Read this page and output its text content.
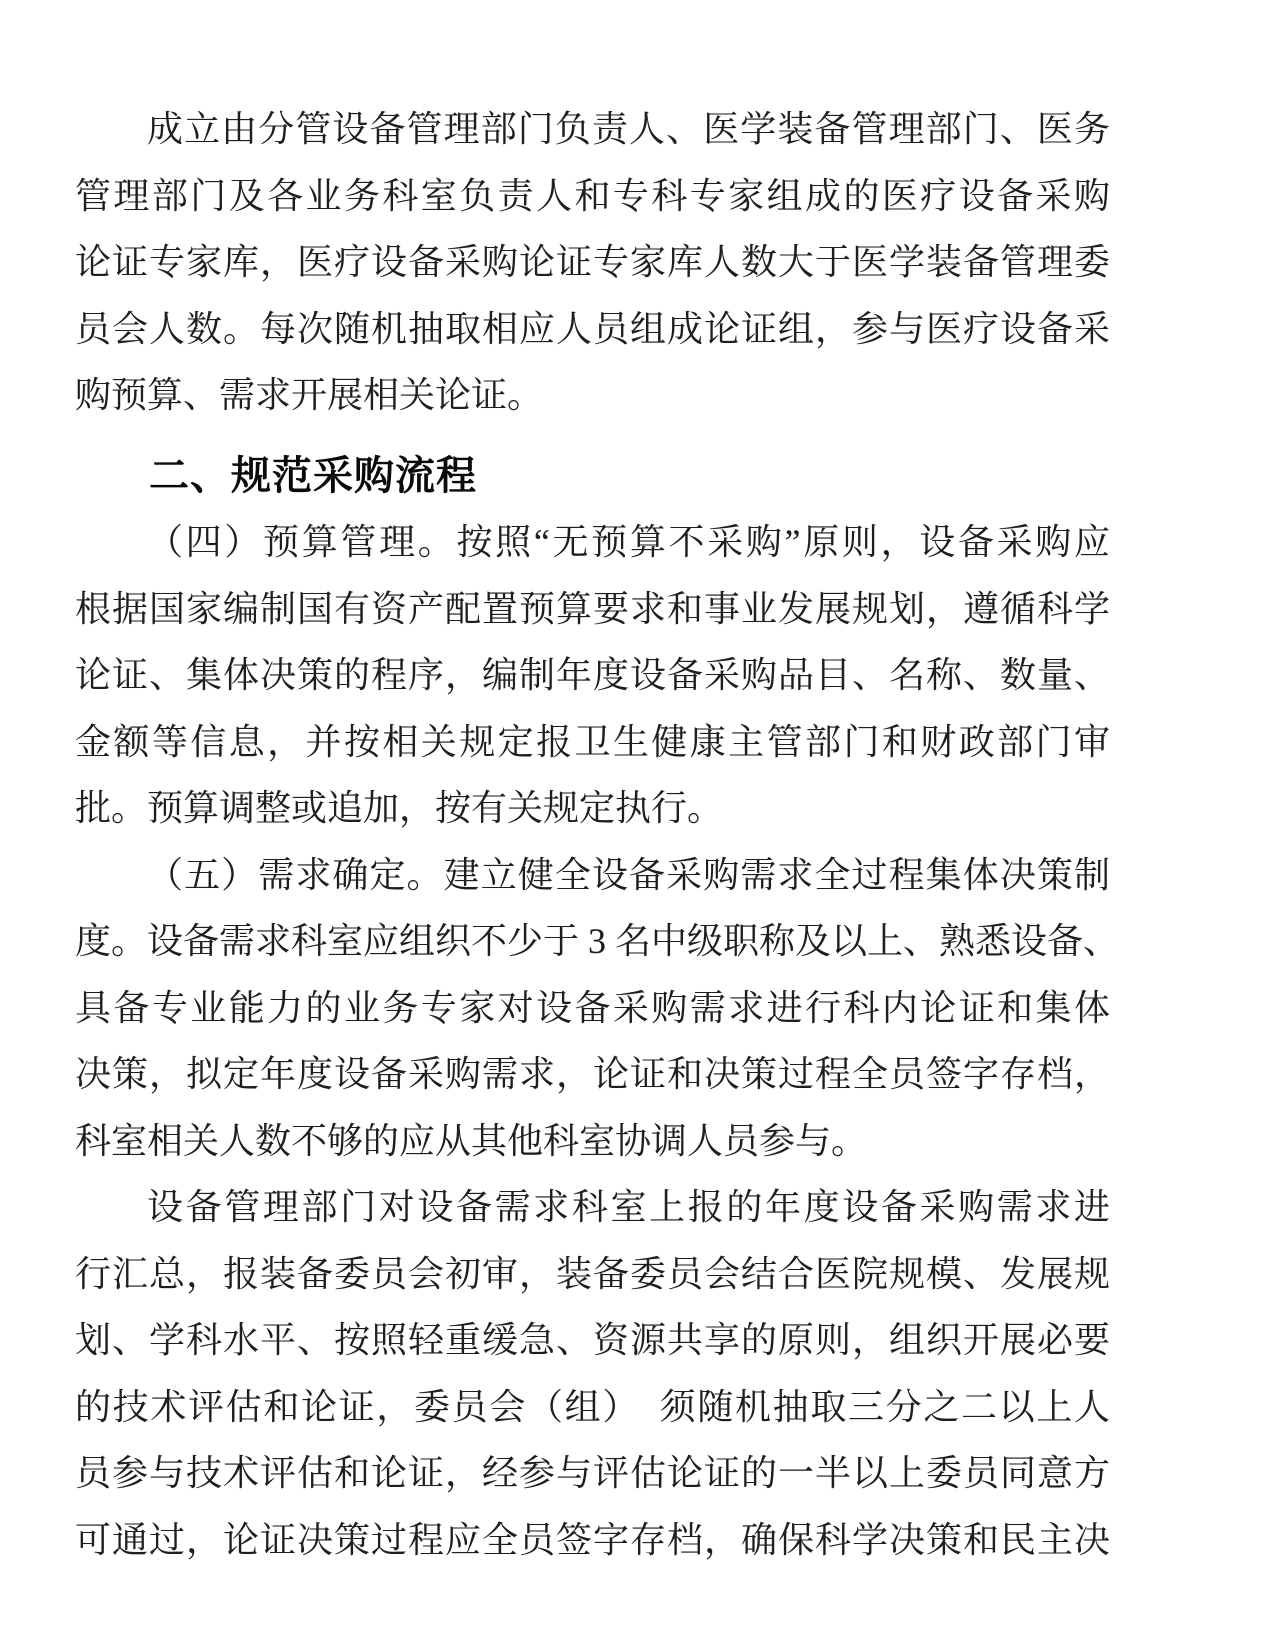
成立由分管设备管理部门负责人、医学装备管理部门、医务

管理部门及各业务科室负责人和专科专家组成的医疗设备采购

论证专家库，医疗设备采购论证专家库人数大于医学装备管理委

员会人数。每次随机抽取相应人员组成论证组，参与医疗设备采

购预算、需求开展相关论证。

二、规范采购流程

（四）预算管理。按照“无预算不采购”原则，设备采购应

根据国家编制国有资产配置预算要求和事业发展规划，遵循科学

论证、集体决策的程序，编制年度设备采购品目、名称、数量、

金额等信息，并按相关规定报卫生健康主管部门和财政部门审

批。预算调整或追加，按有关规定执行。

（五）需求确定。建立健全设备采购需求全过程集体决策制

度。设备需求科室应组织不少于 3 名中级职称及以上、熟悉设备、

具备专业能力的业务专家对设备采购需求进行科内论证和集体

决策，拟定年度设备采购需求，论证和决策过程全员签字存档，

科室相关人数不够的应从其他科室协调人员参与。

设备管理部门对设备需求科室上报的年度设备采购需求进

行汇总，报装备委员会初审，装备委员会结合医院规模、发展规

划、学科水平、按照轻重缓急、资源共享的原则，组织开展必要

的技术评估和论证，委员会（组）　须随机抽取三分之二以上人

员参与技术评估和论证，经参与评估论证的一半以上委员同意方

可通过，论证决策过程应全员签字存档，确保科学决策和民主决
